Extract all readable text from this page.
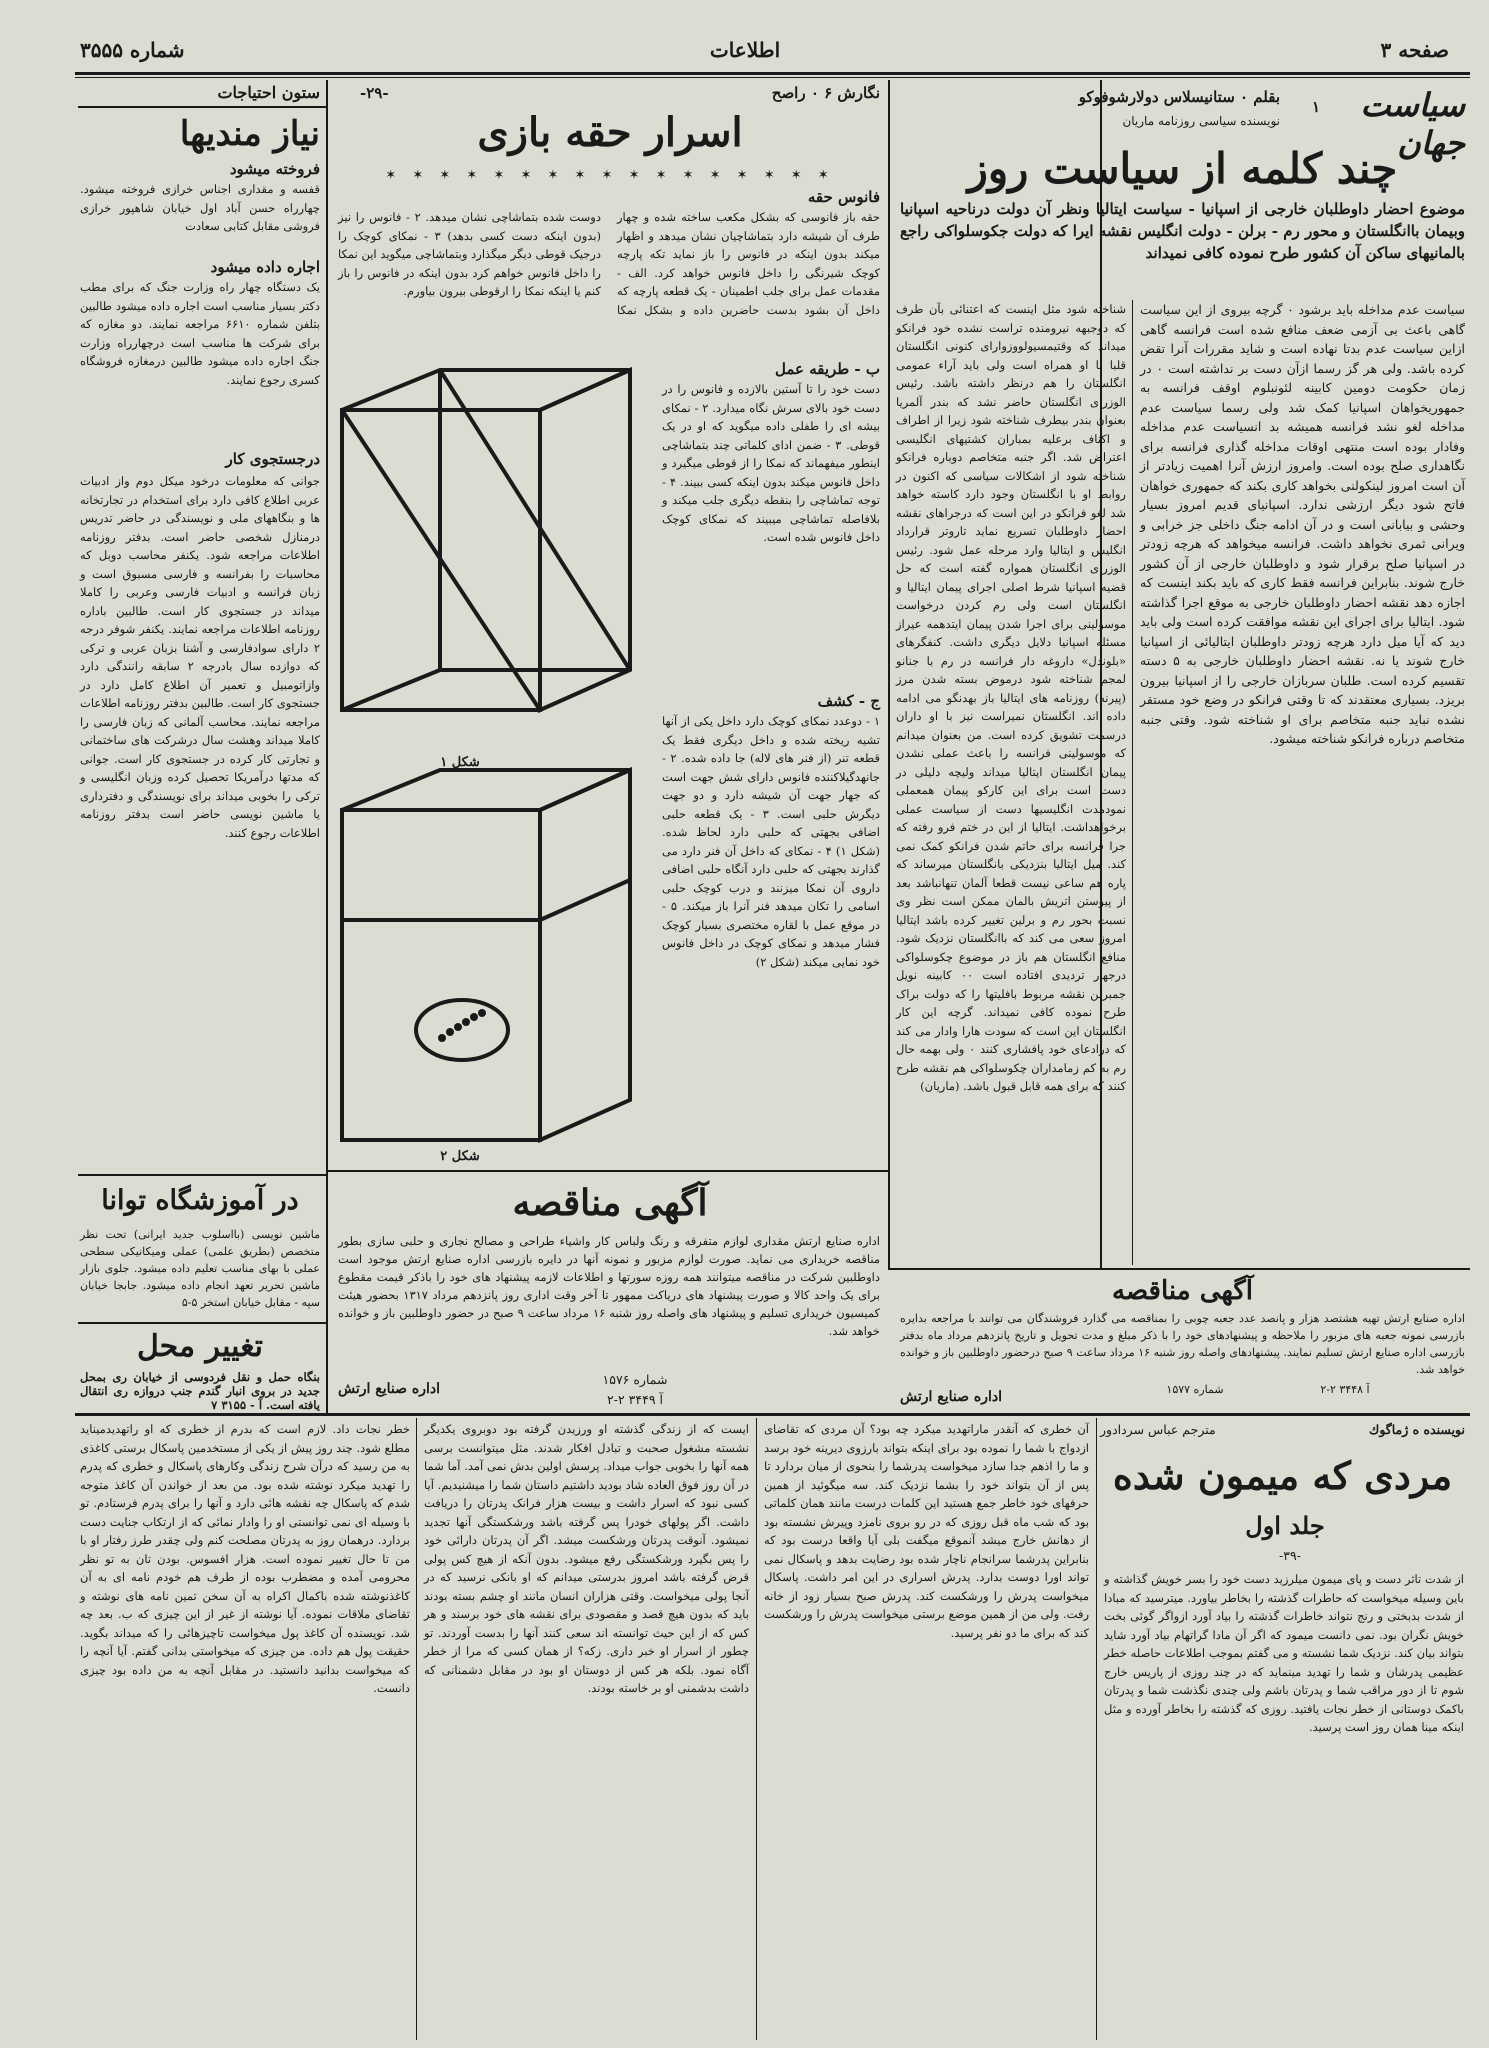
صفحه ۳
اطلاعات
شماره ۳۵۵۵
سیاست جهان
۱
بقلم ۰ ستانیسلاس دولارشوفوکو
نویسنده سیاسی روزنامه ماریان
چند کلمه از سیاست روز
موضوع احضار داوطلبان خارجی از اسپانیا - سیاست ایتالیا ونظر آن دولت درناحیه اسپانیا وبیمان باانگلستان و محور رم - برلن - دولت انگلیس نقشه ایرا که دولت جکوسلواکی راجع بالمانیهای ساکن آن کشور طرح نموده کافی نمیداند
سیاست عدم مداخله باید برشود ۰ گرچه بیروی از این سیاست گاهی باعث بی آزمی ضعف منافع شده است فرانسه گاهی ازاین سیاست عدم بدتا نهاده است و شاید مقررات آنرا تقض کرده باشد. ولی هر گز رسما ازآن دست بر نداشته است ۰ در زمان حکومت دومین کابینه لئونبلوم اوقف فرانسه به جمهوریخواهان اسپانیا کمک شد ولی رسما سیاست عدم مداخله لغو نشد فرانسه همیشه بد انسیاست عدم مداخله وفادار بوده است منتهی اوقات مداخله گذاری فرانسه برای نگاهداری صلح بوده است. وامروز ارزش آنرا اهمیت زیادتر از آن است امروز لینکولنی بخواهد کاری بکند که جمهوری خواهان فاتح شود دیگر ارزشی ندارد. اسپانیای قدیم امروز بسیار وحشی و بیابانی است و در آن ادامه جنگ داخلی جز خرابی و ویرانی ثمری نخواهد داشت. فرانسه میخواهد که هرچه زودتر در اسپانیا صلح برقرار شود و داوطلبان خارجی از آن کشور خارج شوند. بنابراین فرانسه فقط کاری که باید بکند اینست که اجازه دهد نقشه احضار داوطلبان خارجی به موقع اجرا گذاشته شود. ایتالیا برای اجرای این نقشه موافقت کرده است ولی باید دید که آیا میل دارد هرچه زودتر داوطلبان ایتالیائی از اسپانیا خارج شوند یا نه. نقشه احضار داوطلبان خارجی به ۵ دسته تقسیم کرده است. طلبان سربازان خارجی را از اسپانیا بیرون بریزد. بسیاری معتقدند که تا وقتی فرانکو در وضع خود مستقر نشده نباید جنبه متخاصم برای او شناخته شود. وقتی جنبه متخاصم درباره فرانکو شناخته میشود.
شناخته شود مثل اینست که اعتنائی بآن طرف که دوجبهه نیرومنده تراست نشده خود فرانکو میداند که وقتیمسیولووزوارای کنونی انگلستان قلبا با او همراه است ولی باید آراء عمومی انگلستان را هم درنظر داشته باشد. رئیس الوزرای انگلستان حاضر نشد که بندر آلمریا بعنوان بندر بیطرف شناخته شود زیرا از اطراف و اکناف برعلیه بمباران کشتیهای انگلیسی اعتراض شد. اگر جنبه متخاصم دوباره فرانکو شناخته شود از اشکالات سیاسی که اکنون در روابط او با انگلستان وجود دارد کاسته خواهد شد لغو فرانکو در این است که درجراهای نقشه احضار داوطلبان تسریع نماید تاروتر قرارداد انگلیس و ایتالیا وارد مرحله عمل شود. رئیس الوزرای انگلستان همواره گفته است که حل قضیه اسپانیا شرط اصلی اجرای پیمان ایتالیا و انگلستان است ولی رم کردن درخواست موسولینی برای اجرا شدن پیمان ایتدهمه عیراز مسئله اسپانیا دلایل دیگری داشت. کنفگرهای «بلوندل» داروغه دار فرانسه در رم با جنانو لمجم شناخته شود درموض بسته شدن مرز (پیرنه) روزنامه های ایتالیا باز بهدنگو می ادامه داده اند. انگلستان نمیراست نیز با او داران درسمت تشویق کرده است. من بعنوان میدانم که موسولینی فرانسه را باعث عملی نشدن پیمان انگلستان ایتالیا میداند ولیچه دلیلی در دست است برای این کارکو پیمان همعملی نمودمدت انگلیسیها دست از سیاست عملی برخواهداشت. ایتالیا از این در ختم فرو رفته که جرا فرانسه برای حاتم شدن فرانکو کمک نمی کند. میل ایتالیا بنزدیکی بانگلستان میرساند که پاره هم ساعی نیست قطعا آلمان تنهانباشد بعد از پیوستن اتریش بالمان ممکن است نظر وی نسبت بحور رم و برلین تغییر کرده باشد ایتالیا امروز سعی می کند که باانگلستان نزدیک شود. منافع انگلستان هم باز در موضوع چکوسلواکی درجهار تردیدی افتاده است ۰۰ کابینه نویل جمبرلن نقشه مربوط بافلیتها را که دولت براک طرح نموده کافی نمیداند. گرچه این کار انگلستان این است که سودت هارا وادار می کند که درادعای خود پافشاری کنند ۰ ولی بهمه حال رم به کم زمامداران چکوسلواکی هم نقشه طرح کنند که برای همه قابل قبول باشد. (ماریان)
نگارش ۶ ۰ راصح
-۲۹-
اسرار حقه بازی
✶ ✶ ✶ ✶ ✶ ✶ ✶ ✶ ✶ ✶ ✶ ✶ ✶ ✶ ✶ ✶ ✶
فانوس حقه
حقه باز فانوسی که بشکل مکعب ساخته شده و چهار طرف آن شیشه دارد بتماشاچیان نشان میدهد و اظهار میکند بدون اینکه در فانوس را باز نماید تکه پارچه کوچک شیرنگی را داخل فانوس خواهد کرد. الف - مقدمات عمل برای جلب اطمینان - یک قطعه پارچه که داخل آن بشود بدست حاضرین داده و بشکل نمکا دوست شده بتماشاچی نشان میدهد. ۲ - فانوس را نیز (بدون اینکه دست کسی بدهد) ۳ - نمکای کوچک را درجیک قوطی دیگر میگذارد وبتماشاچی میگوید این نمکا را داخل فانوس خواهم کرد بدون اینکه در فانوس را باز کنم یا اینکه نمکا را ارقوطی بیرون بیاورم.
شکل ۱
شکل ۲
ب - طریقه عمل
دست خود را تا آستین بالازده و فانوس را در دست خود بالای سرش نگاه میدارد. ۲ - نمکای بیشه ای را طفلی داده میگوید که او در یک قوطی. ۳ - ضمن ادای کلماتی چند بتماشاچی اینطور میفهماند که نمکا را از قوطی میگیرد و داخل فانوس میکند بدون اینکه کسی ببیند. ۴ - توجه تماشاچی را بنقطه دیگری جلب میکند و بلافاصله تماشاچی میبیند که نمکای کوچک داخل فانوس شده است.
ج - کشف
۱ - دوعدد نمکای کوچک دارد داخل یکی از آنها تشیه ریخته شده و داخل دیگری فقط یک قطعه تنر (از فنر های لاله) جا داده شده. ۲ - جانهدگیلاکننده فانوس دارای شش جهت است که جهار جهت آن شیشه دارد و دو جهت دیگرش حلبی است. ۳ - یک قطعه حلبی اضافی بجهتی که حلبی دارد لحاظ شده. (شکل ۱) ۴ - نمکای که داخل آن فنر دارد می گذارند بجهتی که حلبی دارد آنگاه حلبی اضافی داروی آن نمکا میزنند و درب کوچک حلبی اسامی را تکان میدهد فنر آنرا باز میکند. ۵ - در موقع عمل با لقاره مختصری بسیار کوچک فشار میدهد و نمکای کوچک در داخل فانوس خود نمایی میکند (شکل ۲)
آگهی مناقصه
اداره صنایع ارتش مقداری لوازم متفرقه و رنگ ولباس کار واشیاء طراحی و مصالح نجاری و حلبی سازی بطور مناقصه خریداری می نماید. صورت لوازم مزبور و نمونه آنها در دایره بازرسی اداره صنایع ارتش موجود است داوطلبین شرکت در مناقصه میتوانند همه روزه سورتها و اطلاعات لازمه پیشنهاد های خود را باذکر قیمت مقطوع برای یک واحد کالا و صورت پیشنهاد های دریاکت ممهور تا آخر وقت اداری روز پانزدهم مرداد ۱۳۱۷ بحضور هیئت کمیسیون خریداری تسلیم و پیشنهاد های واصله روز شنبه ۱۶ مرداد ساعت ۹ صبح در حضور داوطلبین باز و خوانده خواهد شد.
اداره صنایع ارتش
شماره ۱۵۷۶
آ ۳۴۴۹ ۲-۲
آگهی مناقصه
اداره صنایع ارتش تهیه هشتصد هزار و پانصد عدد جعبه چوبی را بمناقصه می گذارد فروشندگان می توانند با مراجعه بدایره بازرسی نمونه جعبه های مزبور را ملاحظه و پیشنهادهای خود را با ذکر مبلغ و مدت تحویل و تاریخ پانزدهم مرداد ماه بدفتر بازرسی اداره صنایع ارتش تسلیم نمایند. پیشنهادهای واصله روز شنبه ۱۶ مرداد ساعت ۹ صبح درحضور داوطلبین باز و خوانده خواهد شد.
اداره صنایع ارتش	شماره ۱۵۷۷	آ ۳۴۴۸ ۲-۲
ستون احتیاجات
نیاز مندیها
فروخته میشود
قفسه و مقداری اجناس خرازی فروخته میشود. چهارراه حسن آباد اول خیابان شاهپور خرازی فروشی مقابل کتابی سعادت
اجاره داده میشود
یک دستگاه چهار راه وزارت جنگ که برای مطب دکتر بسیار مناسب است اجاره داده میشود طالبین بتلفن شماره ۶۶۱۰ مراجعه نمایند. دو مغازه که برای شرکت ها مناسب است درچهارراه وزارت جنگ اجاره داده میشود طالبین درمغازه فروشگاه کسری رجوع نمایند.
درجستجوی کار
جوانی که معلومات درخود میکل دوم واز ادبیات عربی اطلاع کافی دارد برای استخدام در تجارتخانه ها و بنگاههای ملی و نویسندگی در حاضر تدریس درمنازل شخصی حاضر است. بدفتر روزنامه اطلاعات مراجعه شود. یکنفر محاسب دوبل که محاسبات را بفرانسه و فارسی مسبوق است و زبان فرانسه و ادبیات فارسی وعربی را کاملا میداند در جستجوی کار است. طالبین باداره روزنامه اطلاعات مراجعه نمایند. یکنفر شوفر درجه ۲ دارای سوادفارسی و آشنا بزبان عربی و ترکی که دوازده سال بادرجه ۲ سابقه رانندگی دارد وازاتومبیل و تعمیر آن اطلاع کامل دارد در جستجوی کار است. طالبین بدفتر روزنامه اطلاعات مراجعه نمایند. محاسب آلمانی که زبان فارسی را کاملا میداند وهشت سال درشرکت های ساختمانی و تجارتی کار کرده در جستجوی کار است. جوانی که مدتها درآمریکا تحصیل کرده وزبان انگلیسی و ترکی را بخوبی میداند برای نویسندگی و دفترداری یا ماشین نویسی حاضر است بدفتر روزنامه اطلاعات رجوع کنند.
در آموزشگاه توانا
ماشین نویسی (بااسلوب جدید ایرانی) تحت نظر متخصص (بطریق علمی) عملی ومیکانیکی سطحی عملی با بهای مناسب تعلیم داده میشود. جلوی بازار ماشین تحریر تعهد انجام داده میشود. جابجا خیابان سپه - مقابل خیابان استخر ۵-۵
تغییر محل
بنگاه حمل و نقل فردوسی از خیابان ری بمحل جدید در بروی انبار گندم جنب دروازه ری انتقال یافته است. آ - ۳۱۵۵ ۷
نویسنده ه ژماگوك
مترجم عباس سردادور
مردی که میمون شده
جلد اول
-۳۹-
از شدت تاثر دست و پای میمون میلرزید دست خود را بسر خویش گذاشته و باین وسیله میخواست که حاطرات گذشته را بخاطر بیاورد. میترسید که مبادا از شدت بدبختی و رنج نتواند خاطرات گذشته را بیاد آورد ازواگر گوئی بخت خویش نگران بود. نمی دانست میمود که اگر آن مادا گراتهام بیاد آورد شاید بتواند بیان کند. نزدیک شما نشسته و می گفتم بموجب اطلاعات حاصله خطر عظیمی پدرشان و شما را تهدید مینماید که در چند روزی از پاریس خارج شوم تا از دور مراقب شما و پدرتان باشم ولی چندی نگذشت شما و پدرتان باکمک دوستانی از خطر نجات یافتید. روزی که گذشته را بخاطر آورده و مثل اینکه مینا همان روز است پرسید.
آن خطری که آنقدر ماراتهدید میکرد چه بود؟ آن مردی که تقاضای ازدواج با شما را نموده بود برای اینکه بتواند بارزوی دیرینه خود برسد و ما را اذهم جدا سازد میخواست پدرشما را بنحوی از میان بردارد تا پس از آن بتواند خود را بشما نزدیک کند. سه میگوئید از همین حرفهای خود خاطر جمع هستید این کلمات درست مانند همان کلماتی بود که شب ماه قبل روزی که در رو بروی نامزد وپیرش نشسته بود از دهانش خارج میشد آنموقع میگفت بلی آیا واقعا درست بود که بنابراین پدرشما سرانجام ناچار شده بود رضایت بدهد و پاسکال نمی تواند اورا دوست بدارد. پدرش اسراری در این امر داشت. پاسکال میخواست پدرش را ورشکست کند. پدرش صبح بسیار زود از خانه رفت. ولی من از همین موضع برستی میخواست پدرش را ورشکست کند که برای ما دو نفر پرسید.
ایست که از زندگی گذشته او ورزیدن گرفته بود دوبروی یکدیگر نشسته مشغول صحبت و تبادل افکار شدند. مثل میتوانست برسی همه آنها را بخوبی جواب میداد. پرسش اولین بدش نمی آمد. آما شما در آن روز فوق العاده شاد بودید داشتیم داستان شما را میشنیدیم. آیا کسی نبود که اسرار داشت و بیست هزار فرانک پدرتان را دریافت داشت. اگر پولهای خودرا پس گرفته باشد ورشکستگی آنها تجدید نمیشود. آنوقت پدرتان ورشکست میشد. اگر آن پدرتان دارائی خود را پس بگیرد ورشکستگی رفع میشود. بدون آنکه از هیچ کس پولی قرض گرفته باشد امروز بدرستی میدانم که او بانکی نرسید که در آنجا پولی میخواست. وقتی هزاران انسان مانند او چشم بسته بودند باید که بدون هیچ قصد و مقصودی برای نقشه های خود برسند و هر کس که از این حیث توانسته اند سعی کنند آنها را بدست آوردند. تو چطور از اسرار او خبر داری. زکه؟ از همان کسی که مرا از خطر آگاه نمود. بلکه هر کس از دوستان او بود در مقابل دشمنانی که داشت بدشمنی او بر خاسته بودند.
خطر نجات داد. لازم است که بدرم از خطری که او راتهدیدمیناید مطلع شود. چند روز پیش از یکی از مستخدمین پاسکال برستی کاغذی به من رسید که درآن شرح زندگی وکارهای پاسکال و خطری که پدرم را تهدید میکرد نوشته شده بود. من بعد از خواندن آن کاغذ متوجه شدم که پاسکال چه نقشه هائی دارد و آنها را برای پدرم فرستادم. تو با وسیله ای نمی توانستی او را وادار نمائی که از ارتکاب جنایت دست بردارد. درهمان روز به پدرتان مصلحت کنم ولی چقدر طرز رفتار او با من تا حال تغییر نموده است. هزار افسوس. بودن تان به تو نظر محرومی آمده و مضطرب بوده از طرف هم خودم نامه ای به آن کاغذنوشته شده باکمال اکراه به آن سخن تمین نامه های نوشته و تقاضای ملاقات نموده. آیا نوشته از غیر از این چیزی که ب. بعد چه شد. نویسنده آن کاغذ پول میخواست تاچیزهائی را که میداند بگوید. حقیقت پول هم داده. من چیزی که میخواستی بدانی گفتم. آیا آنچه را که میخواست بدانید دانستید. در مقابل آنچه به من داده بود چیزی دانست.
